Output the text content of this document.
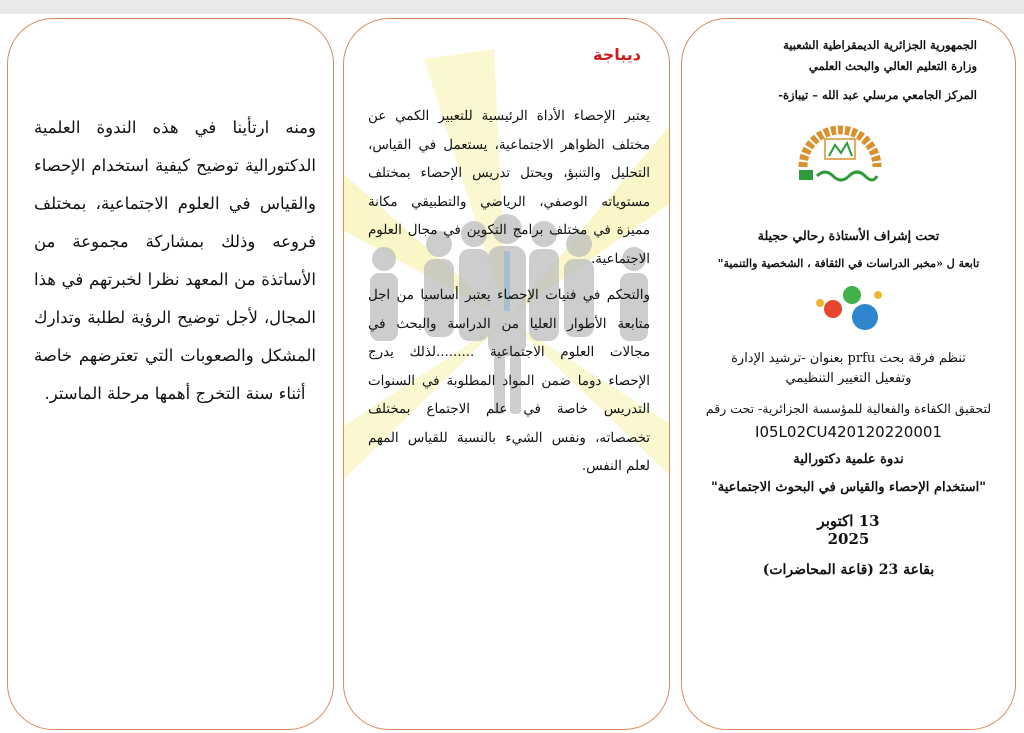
ومنه ارتأينا في هذه الندوة العلمية الدكتورالية توضيح كيفية استخدام الإحصاء والقياس في العلوم الاجتماعية، بمختلف فروعه وذلك بمشاركة مجموعة من الأساتذة من المعهد نظرا لخبرتهم في هذا المجال، لأجل توضيح الرؤية لطلبة وتدارك المشكل والصعوبات التي تعترضهم خاصة أثناء سنة التخرج أهمها مرحلة الماستر.
ديباجة

يعتبر الإحصاء الأداة الرئيسية للتعبير الكمي عن مختلف الظواهر الاجتماعية، يستعمل في القياس، التحليل والتنبؤ، ويحتل تدريس الإحصاء بمختلف مستوياته الوصفي، الرياضي والتطبيقي مكانة مميزة في مختلف برامج التكوين في مجال العلوم الاجتماعية.

والتحكم في فنيات الإحصاء يعتبر أساسيا من اجل متابعة الأطوار العليا من الدراسة والبحث في مجالات العلوم الاجتماعية .........لذلك يدرج الإحصاء دوما ضمن المواد المطلوبة في السنوات التدريس خاصة في علم الاجتماع بمختلف تخصصاته، ونفس الشيء بالنسبة للقياس المهم لعلم النفس.

الجمهورية الجزائرية الديمقراطية الشعبية
وزارة التعليم العالي والبحث العلمي
المركز الجامعي مرسلي عبد الله – تيبازة-
تحت إشراف الأستاذة رحالي حجيلة
تابعة ل «مخبر الدراسات في الثقافة ، الشخصية والتنمية"
تنظم فرقة بحث prfu بعنوان -ترشيد الإدارة وتفعيل التغيير التنظيمي
لتحقيق الكفاءة والفعالية للمؤسسة الجزائرية- تحت رقم
I05L02CU420120220001
ندوة علمية دكتورالية
"استخدام الإحصاء والقياس في البحوث الاجتماعية"
13 اكتوبر
2025
بقاعة 23 (قاعة المحاضرات)
